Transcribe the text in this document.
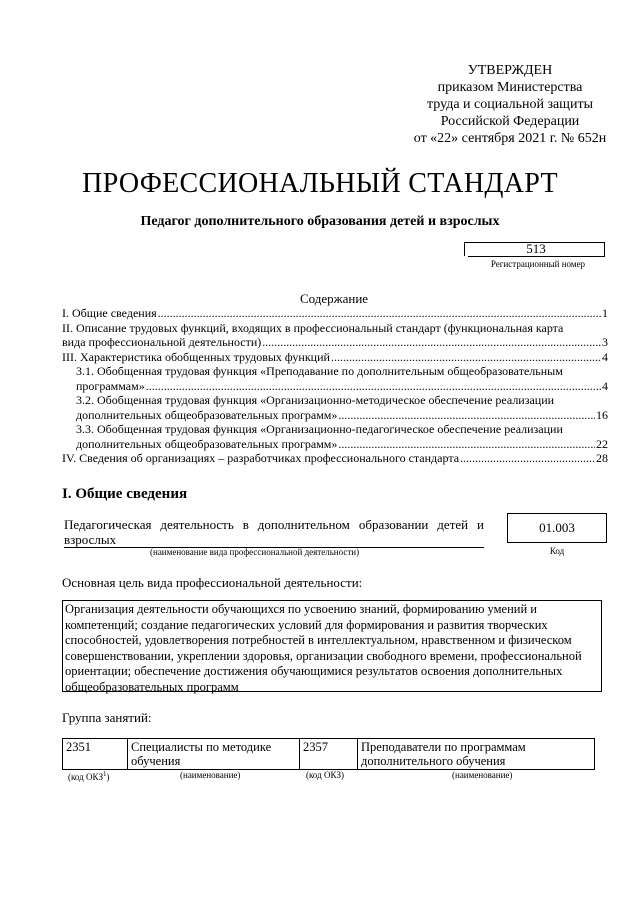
УТВЕРЖДЕН
приказом Министерства
труда и социальной защиты
Российской Федерации
от «22» сентября 2021 г. № 652н
ПРОФЕССИОНАЛЬНЫЙ СТАНДАРТ
Педагог дополнительного образования детей и взрослых
513
Регистрационный номер
Содержание
I. Общие сведения .....	1
II. Описание трудовых функций, входящих в профессиональный стандарт (функциональная карта
вида профессиональной деятельности) .....	3
III. Характеристика обобщенных трудовых функций .....	4
3.1. Обобщенная трудовая функция «Преподавание по дополнительным общеобразовательным
программам» .....	4
3.2. Обобщенная трудовая функция «Организационно-методическое обеспечение реализации
дополнительных общеобразовательных программ» .....	16
3.3. Обобщенная трудовая функция «Организационно-педагогическое обеспечение реализации
дополнительных общеобразовательных программ» .....	22
IV. Сведения об организациях – разработчиках профессионального стандарта .....	28
I. Общие сведения
Педагогическая деятельность в дополнительном образовании детей и взрослых
(наименование вида профессиональной деятельности)
01.003
Код
Основная цель вида профессиональной деятельности:
Организация деятельности обучающихся по усвоению знаний, формированию умений и компетенций; создание педагогических условий для формирования и развития творческих способностей, удовлетворения потребностей в интеллектуальном, нравственном и физическом совершенствовании, укреплении здоровья, организации свободного времени, профессиональной ориентации; обеспечение достижения обучающимися результатов освоения дополнительных общеобразовательных программ
Группа занятий:
2351	Специалисты по методике обучения	2357	Преподаватели по программам дополнительного обучения
(код ОКЗ$^1$)	(наименование)	(код ОКЗ)	(наименование)
